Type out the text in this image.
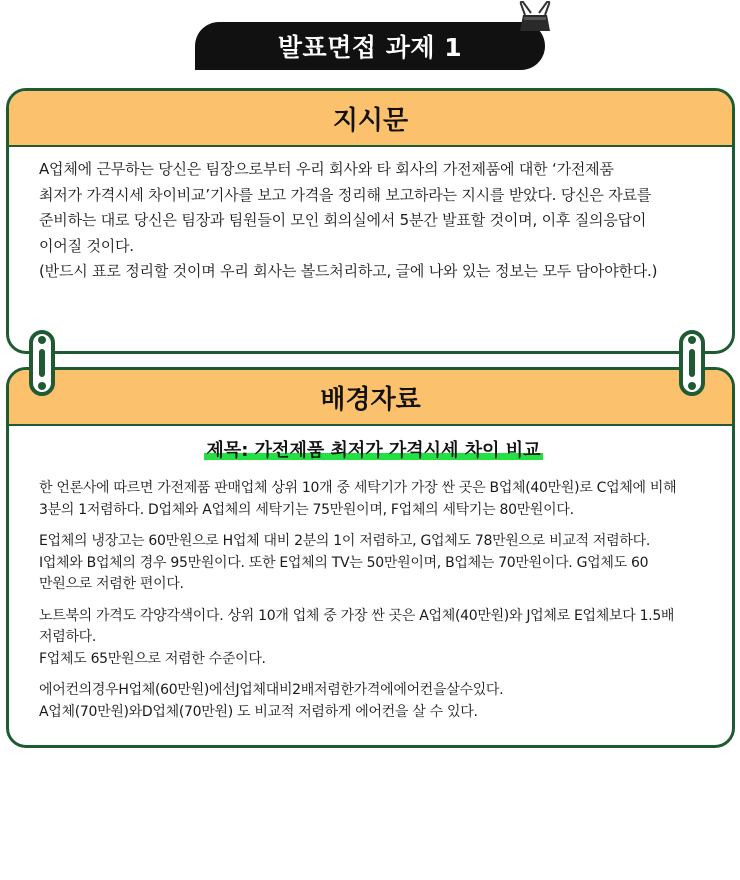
발표면접 과제 1
지시문
A업체에 근무하는 당신은 팀장으로부터 우리 회사와 타 회사의 가전제품에 대한 ‘가전제품
최저가 가격시세 차이비교’기사를 보고 가격을 정리해 보고하라는 지시를 받았다. 당신은 자료를
준비하는 대로 당신은 팀장과 팀원들이 모인 회의실에서 5분간 발표할 것이며, 이후 질의응답이
이어질 것이다.
(반드시 표로 정리할 것이며 우리 회사는 볼드처리하고, 글에 나와 있는 정보는 모두 담아야한다.)
배경자료
제목: 가전제품 최저가 가격시세 차이 비교
한 언론사에 따르면 가전제품 판매업체 상위 10개 중 세탁기가 가장 싼 곳은 B업체(40만원)로 C업체에 비해
3분의 1저렴하다. D업체와 A업체의 세탁기는 75만원이며, F업체의 세탁기는 80만원이다.
E업체의 냉장고는 60만원으로 H업체 대비 2분의 1이 저렴하고, G업체도 78만원으로 비교적 저렴하다.
I업체와 B업체의 경우 95만원이다. 또한 E업체의 TV는 50만원이며, B업체는 70만원이다. G업체도 60
만원으로 저렴한 편이다.
노트북의 가격도 각양각색이다. 상위 10개 업체 중 가장 싼 곳은 A업체(40만원)와 J업체로 E업체보다 1.5배
저렴하다.
F업체도 65만원으로 저렴한 수준이다.
에어컨의경우H업체(60만원)에선J업체대비2배저렴한가격에에어컨을살수있다.
A업체(70만원)와D업체(70만원) 도 비교적 저렴하게 에어컨을 살 수 있다.
